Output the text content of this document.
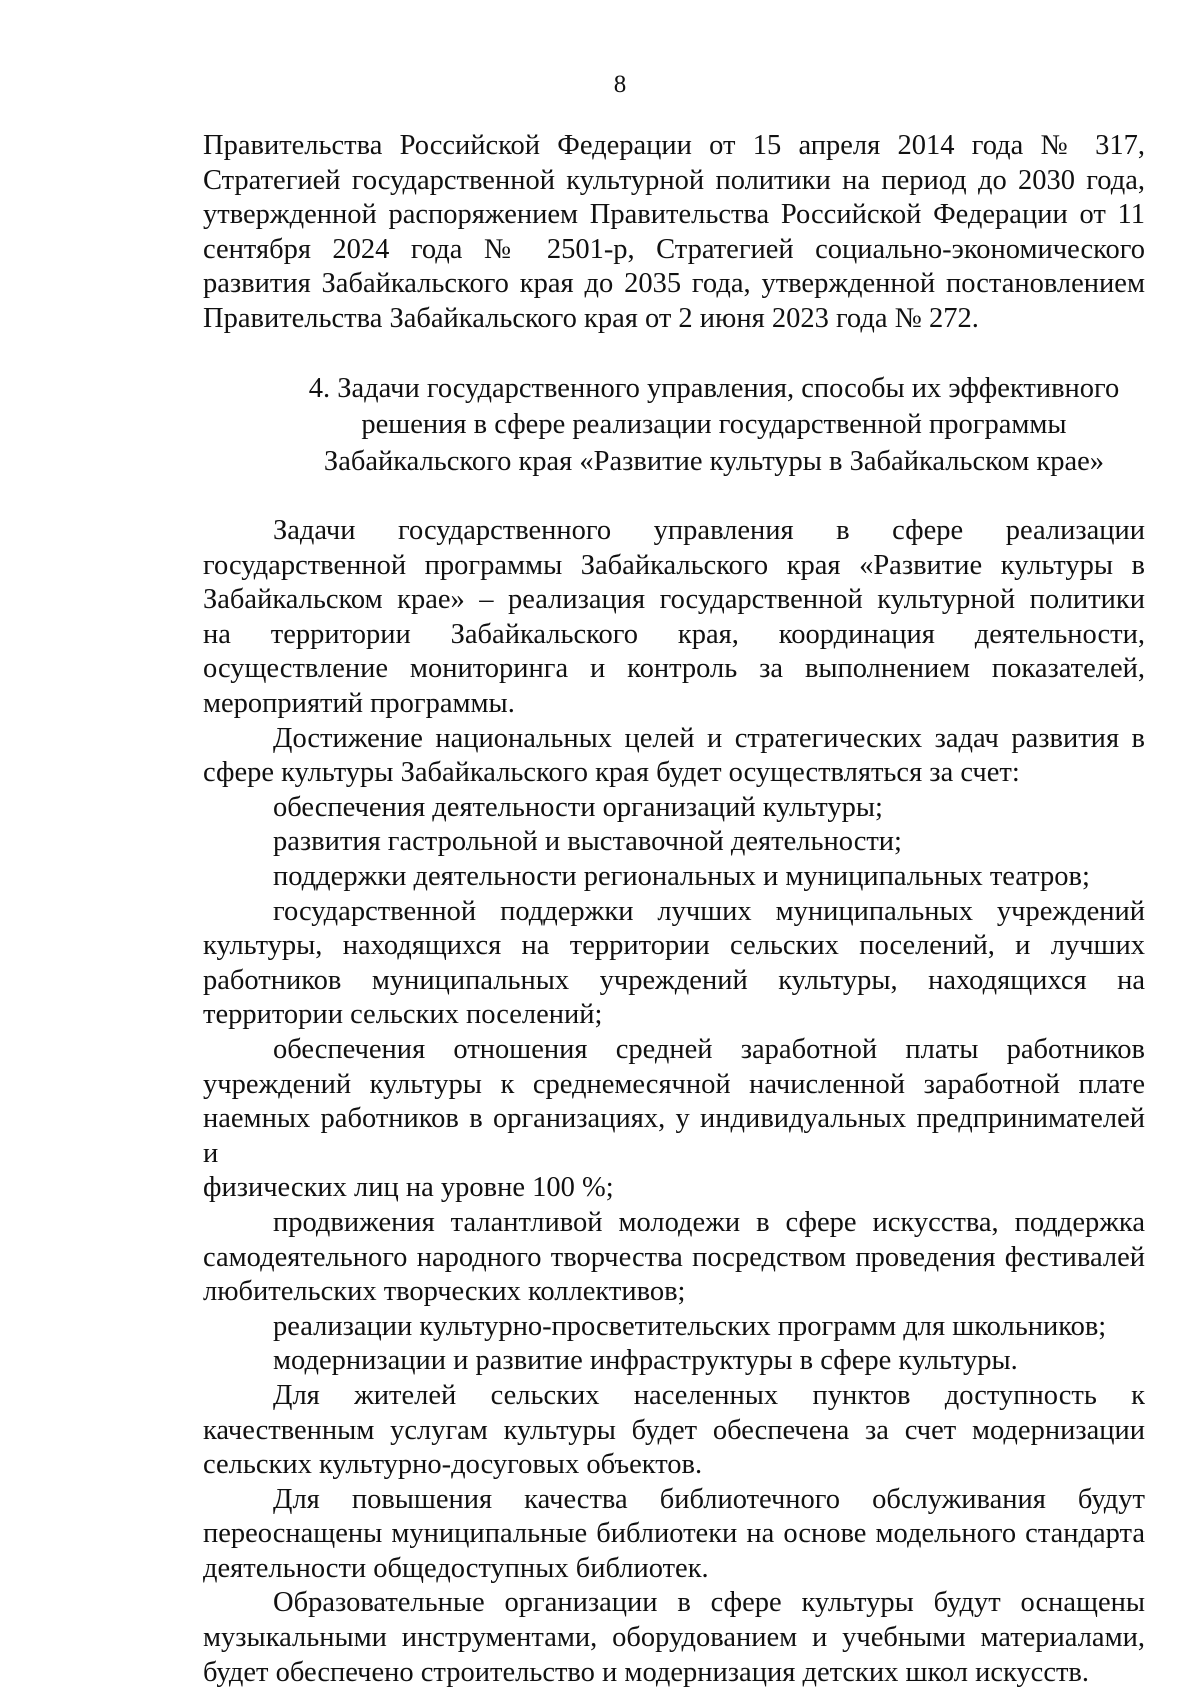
8

Правительства Российской Федерации от 15 апреля 2014 года № 317,

Стратегией государственной культурной политики на период до 2030 года,

утвержденной распоряжением Правительства Российской Федерации от 11

сентября 2024 года № 2501-р, Стратегией социально-экономического

развития Забайкальского края до 2035 года, утвержденной постановлением

Правительства Забайкальского края от 2 июня 2023 года № 272.

4. Задачи государственного управления, способы их эффективного
решения в сфере реализации государственной программы
Забайкальского края «Развитие культуры в Забайкальском крае»

Задачи государственного управления в сфере реализации

государственной программы Забайкальского края «Развитие культуры в

Забайкальском крае» – реализация государственной культурной политики

на территории Забайкальского края, координация деятельности,

осуществление мониторинга и контроль за выполнением показателей,

мероприятий программы.

Достижение национальных целей и стратегических задач развития в

сфере культуры Забайкальского края будет осуществляться за счет:

обеспечения деятельности организаций культуры;

развития гастрольной и выставочной деятельности;

поддержки деятельности региональных и муниципальных театров;

государственной поддержки лучших муниципальных учреждений

культуры, находящихся на территории сельских поселений, и лучших

работников муниципальных учреждений культуры, находящихся на

территории сельских поселений;

обеспечения отношения средней заработной платы работников

учреждений культуры к среднемесячной начисленной заработной плате

наемных работников в организациях, у индивидуальных предпринимателей и

физических лиц на уровне 100 %;

продвижения талантливой молодежи в сфере искусства, поддержка

самодеятельного народного творчества посредством проведения фестивалей

любительских творческих коллективов;

реализации культурно-просветительских программ для школьников;

модернизации и развитие инфраструктуры в сфере культуры.

Для жителей сельских населенных пунктов доступность к

качественным услугам культуры будет обеспечена за счет модернизации

сельских культурно-досуговых объектов.

Для повышения качества библиотечного обслуживания будут

переоснащены муниципальные библиотеки на основе модельного стандарта

деятельности общедоступных библиотек.

Образовательные организации в сфере культуры будут оснащены

музыкальными инструментами, оборудованием и учебными материалами,

будет обеспечено строительство и модернизация детских школ искусств.
